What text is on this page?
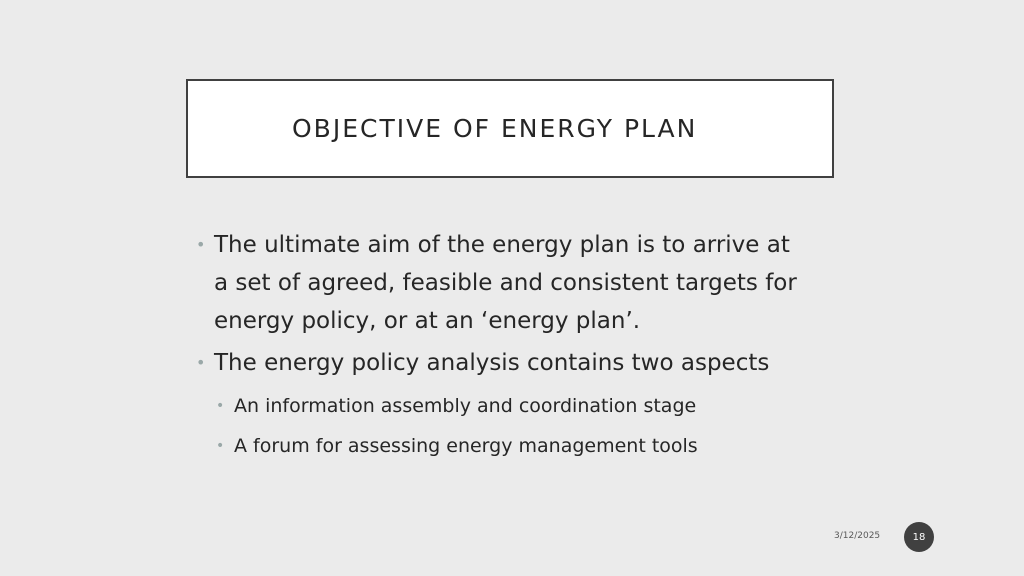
OBJECTIVE OF ENERGY PLAN
• The ultimate aim of the energy plan is to arrive at
a set of agreed, feasible and consistent targets for
energy policy, or at an ‘energy plan’.
• The energy policy analysis contains two aspects
• An information assembly and coordination stage
• A forum for assessing energy management tools
3/12/2025	18
